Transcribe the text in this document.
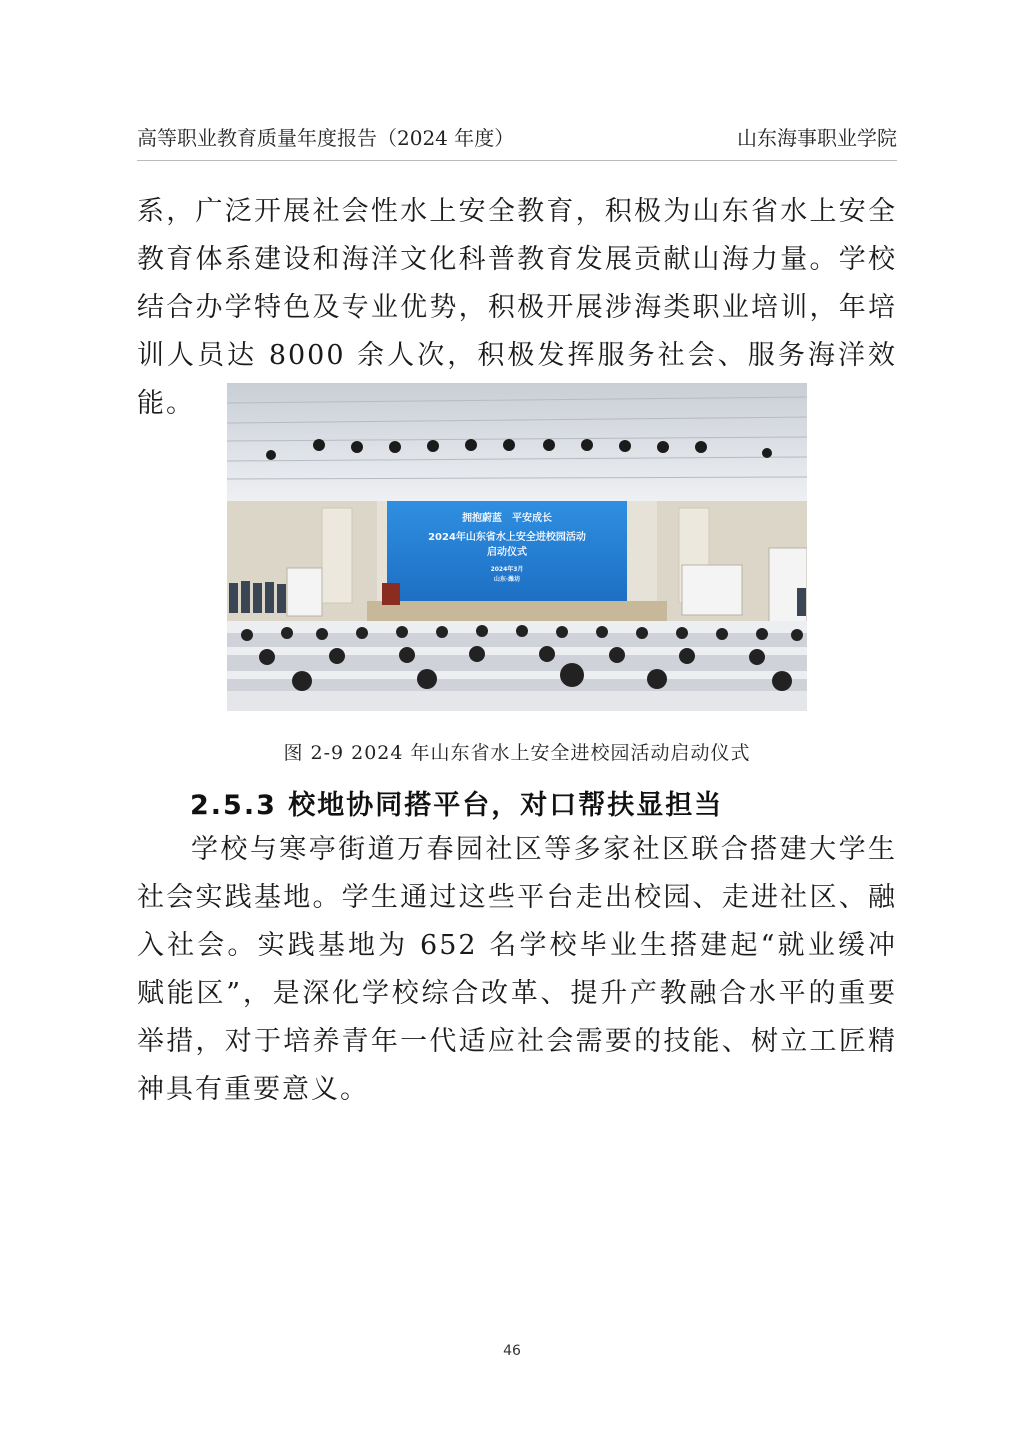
高等职业教育质量年度报告（2024 年度）	山东海事职业学院

系，广泛开展社会性水上安全教育，积极为山东省水上安全教育体系建设和海洋文化科普教育发展贡献山海力量。学校结合办学特色及专业优势，积极开展涉海类职业培训，年培训人员达 8000 余人次，积极发挥服务社会、服务海洋效能。

拥抱蔚蓝　平安成长
2024年山东省水上安全进校园活动
启动仪式
2024年3月
山东·潍坊
图 2-9 2024 年山东省水上安全进校园活动启动仪式
2.5.3 校地协同搭平台，对口帮扶显担当

学校与寒亭街道万春园社区等多家社区联合搭建大学生社会实践基地。学生通过这些平台走出校园、走进社区、融入社会。实践基地为 652 名学校毕业生搭建起“就业缓冲赋能区”，是深化学校综合改革、提升产教融合水平的重要举措，对于培养青年一代适应社会需要的技能、树立工匠精神具有重要意义。

46
